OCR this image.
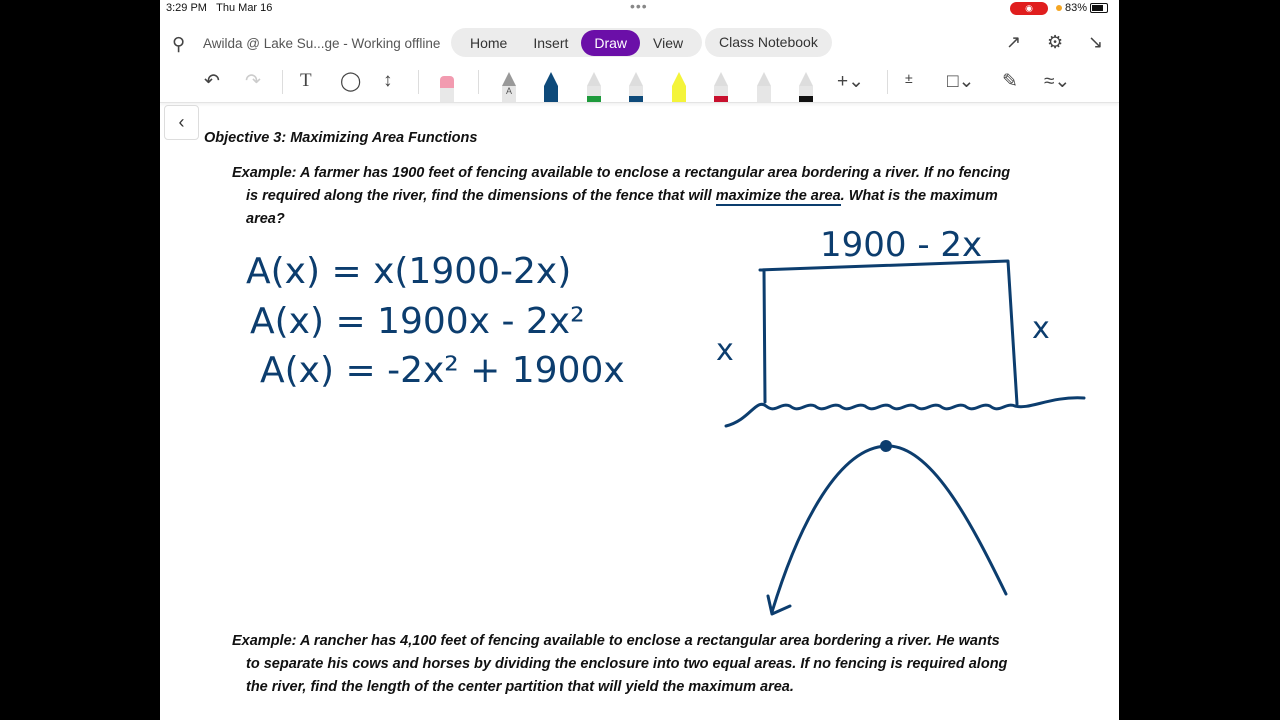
3:29 PM Thu Mar 16	•••	◉	83%
⚲ Awilda @ Lake Su...ge - Working offline	Home	Insert	Draw	View	Class Notebook	↗ ⚙ ↘
↶ ↷ T ◯ ↕	A	+⌄	± □⌄ ✎ ≈⌄
‹
Objective 3: Maximizing Area Functions
Example: A farmer has 1900 feet of fencing available to enclose a rectangular area bordering a river. If no fencing
is required along the river, find the dimensions of the fence that will maximize the area. What is the maximum
area?
Example: A rancher has 4,100 feet of fencing available to enclose a rectangular area bordering a river. He wants
to separate his cows and horses by dividing the enclosure into two equal areas. If no fencing is required along
the river, find the length of the center partition that will yield the maximum area.
A(x) = x(1900-2x)
A(x) = 1900x - 2x²
A(x) = -2x² + 1900x
1900 - 2x
x
x
